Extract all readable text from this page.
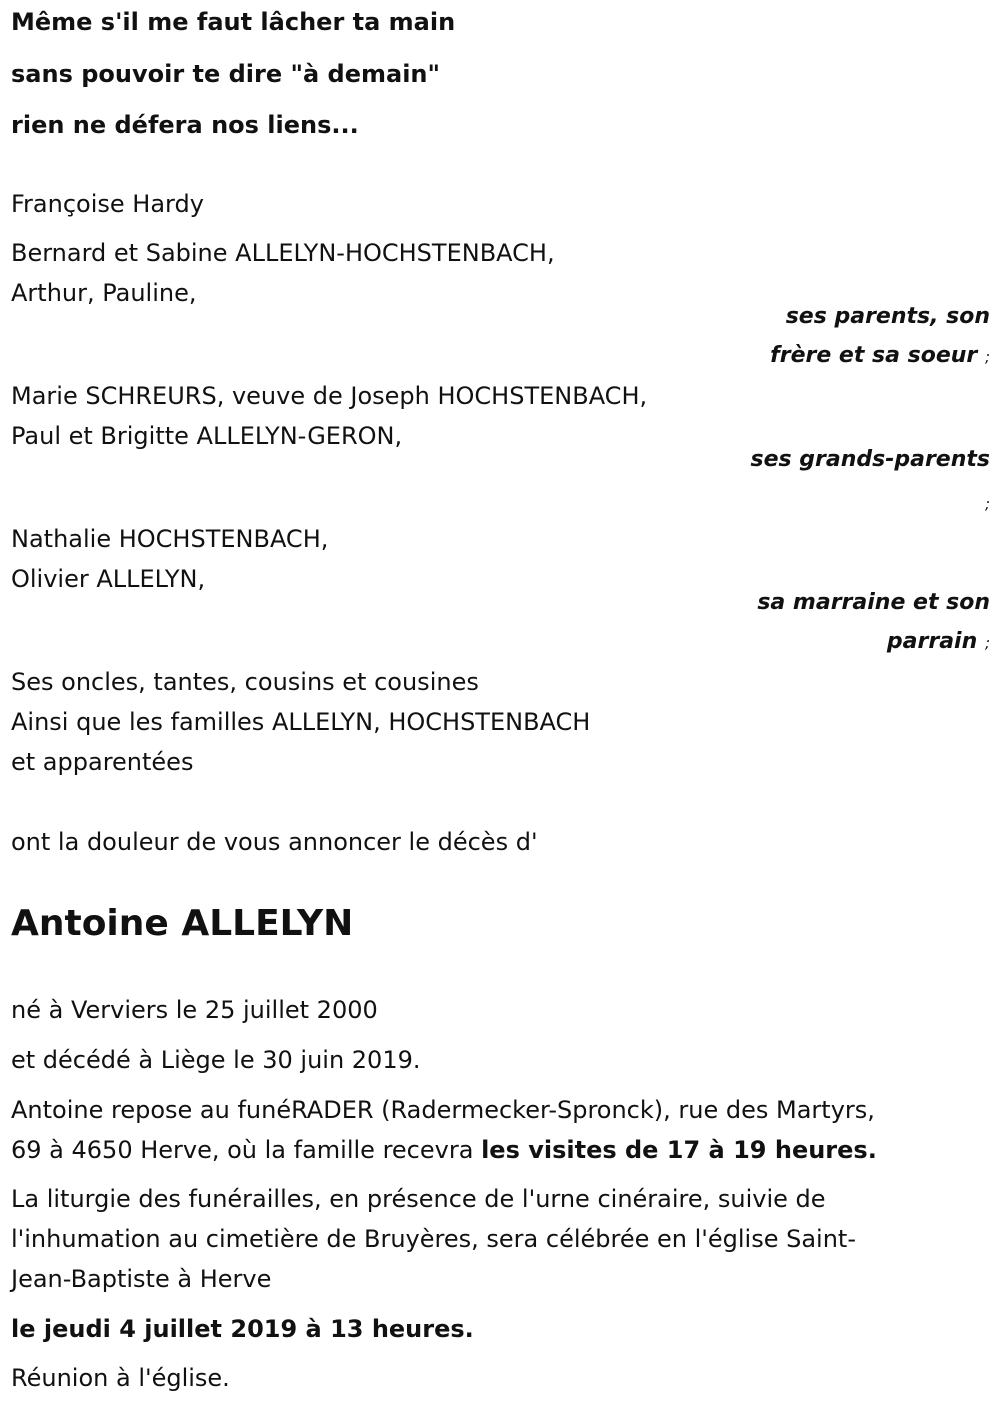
Même s'il me faut lâcher ta main
sans pouvoir te dire "à demain"
rien ne défera nos liens...
Françoise Hardy
Bernard et Sabine ALLELYN-HOCHSTENBACH,
Arthur, Pauline,
ses parents, son
frère et sa soeur ;
Marie SCHREURS, veuve de Joseph HOCHSTENBACH,
Paul et Brigitte ALLELYN-GERON,
ses grands-parents
;
Nathalie HOCHSTENBACH,
Olivier ALLELYN,
sa marraine et son
parrain ;
Ses oncles, tantes, cousins et cousines
Ainsi que les familles ALLELYN, HOCHSTENBACH
et apparentées
ont la douleur de vous annoncer le décès d'
Antoine ALLELYN
né à Verviers le 25 juillet 2000
et décédé à Liège le 30 juin 2019.
Antoine repose au funéRADER (Radermecker-Spronck), rue des Martyrs,
69 à 4650 Herve, où la famille recevra les visites de 17 à 19 heures.
La liturgie des funérailles, en présence de l'urne cinéraire, suivie de
l'inhumation au cimetière de Bruyères, sera célébrée en l'église Saint-
Jean-Baptiste à Herve
le jeudi 4 juillet 2019 à 13 heures.
Réunion à l'église.
